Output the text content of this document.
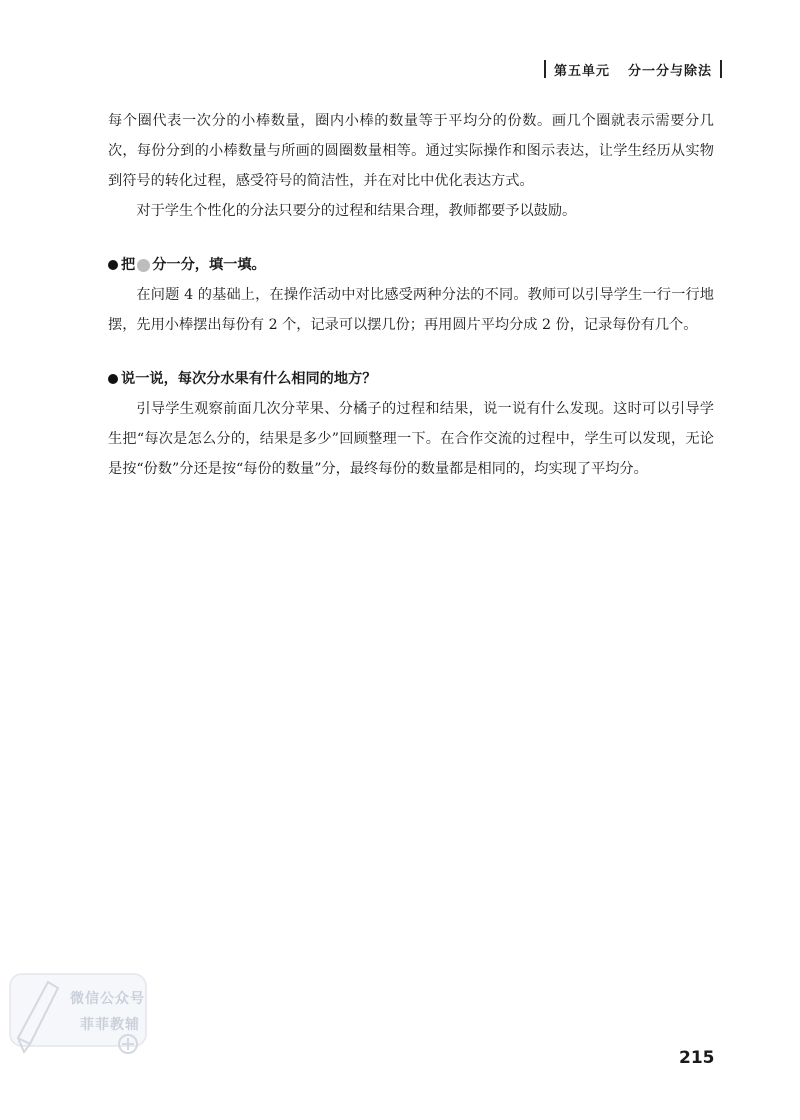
第五单元 分一分与除法

每个圈代表一次分的小棒数量，圈内小棒的数量等于平均分的份数。画几个圈就表示需要分几次，每份分到的小棒数量与所画的圆圈数量相等。通过实际操作和图示表达，让学生经历从实物到符号的转化过程，感受符号的简洁性，并在对比中优化表达方式。

对于学生个性化的分法只要分的过程和结果合理，教师都要予以鼓励。

把 分一分，填一填。

在问题 4 的基础上，在操作活动中对比感受两种分法的不同。教师可以引导学生一行一行地摆，先用小棒摆出每份有 2 个，记录可以摆几份；再用圆片平均分成 2 份，记录每份有几个。

说一说，每次分水果有什么相同的地方？

引导学生观察前面几次分苹果、分橘子的过程和结果，说一说有什么发现。这时可以引导学生把“每次是怎么分的，结果是多少”回顾整理一下。在合作交流的过程中，学生可以发现，无论是按“份数”分还是按“每份的数量”分，最终每份的数量都是相同的，均实现了平均分。

微信公众号
菲菲教辅
215
